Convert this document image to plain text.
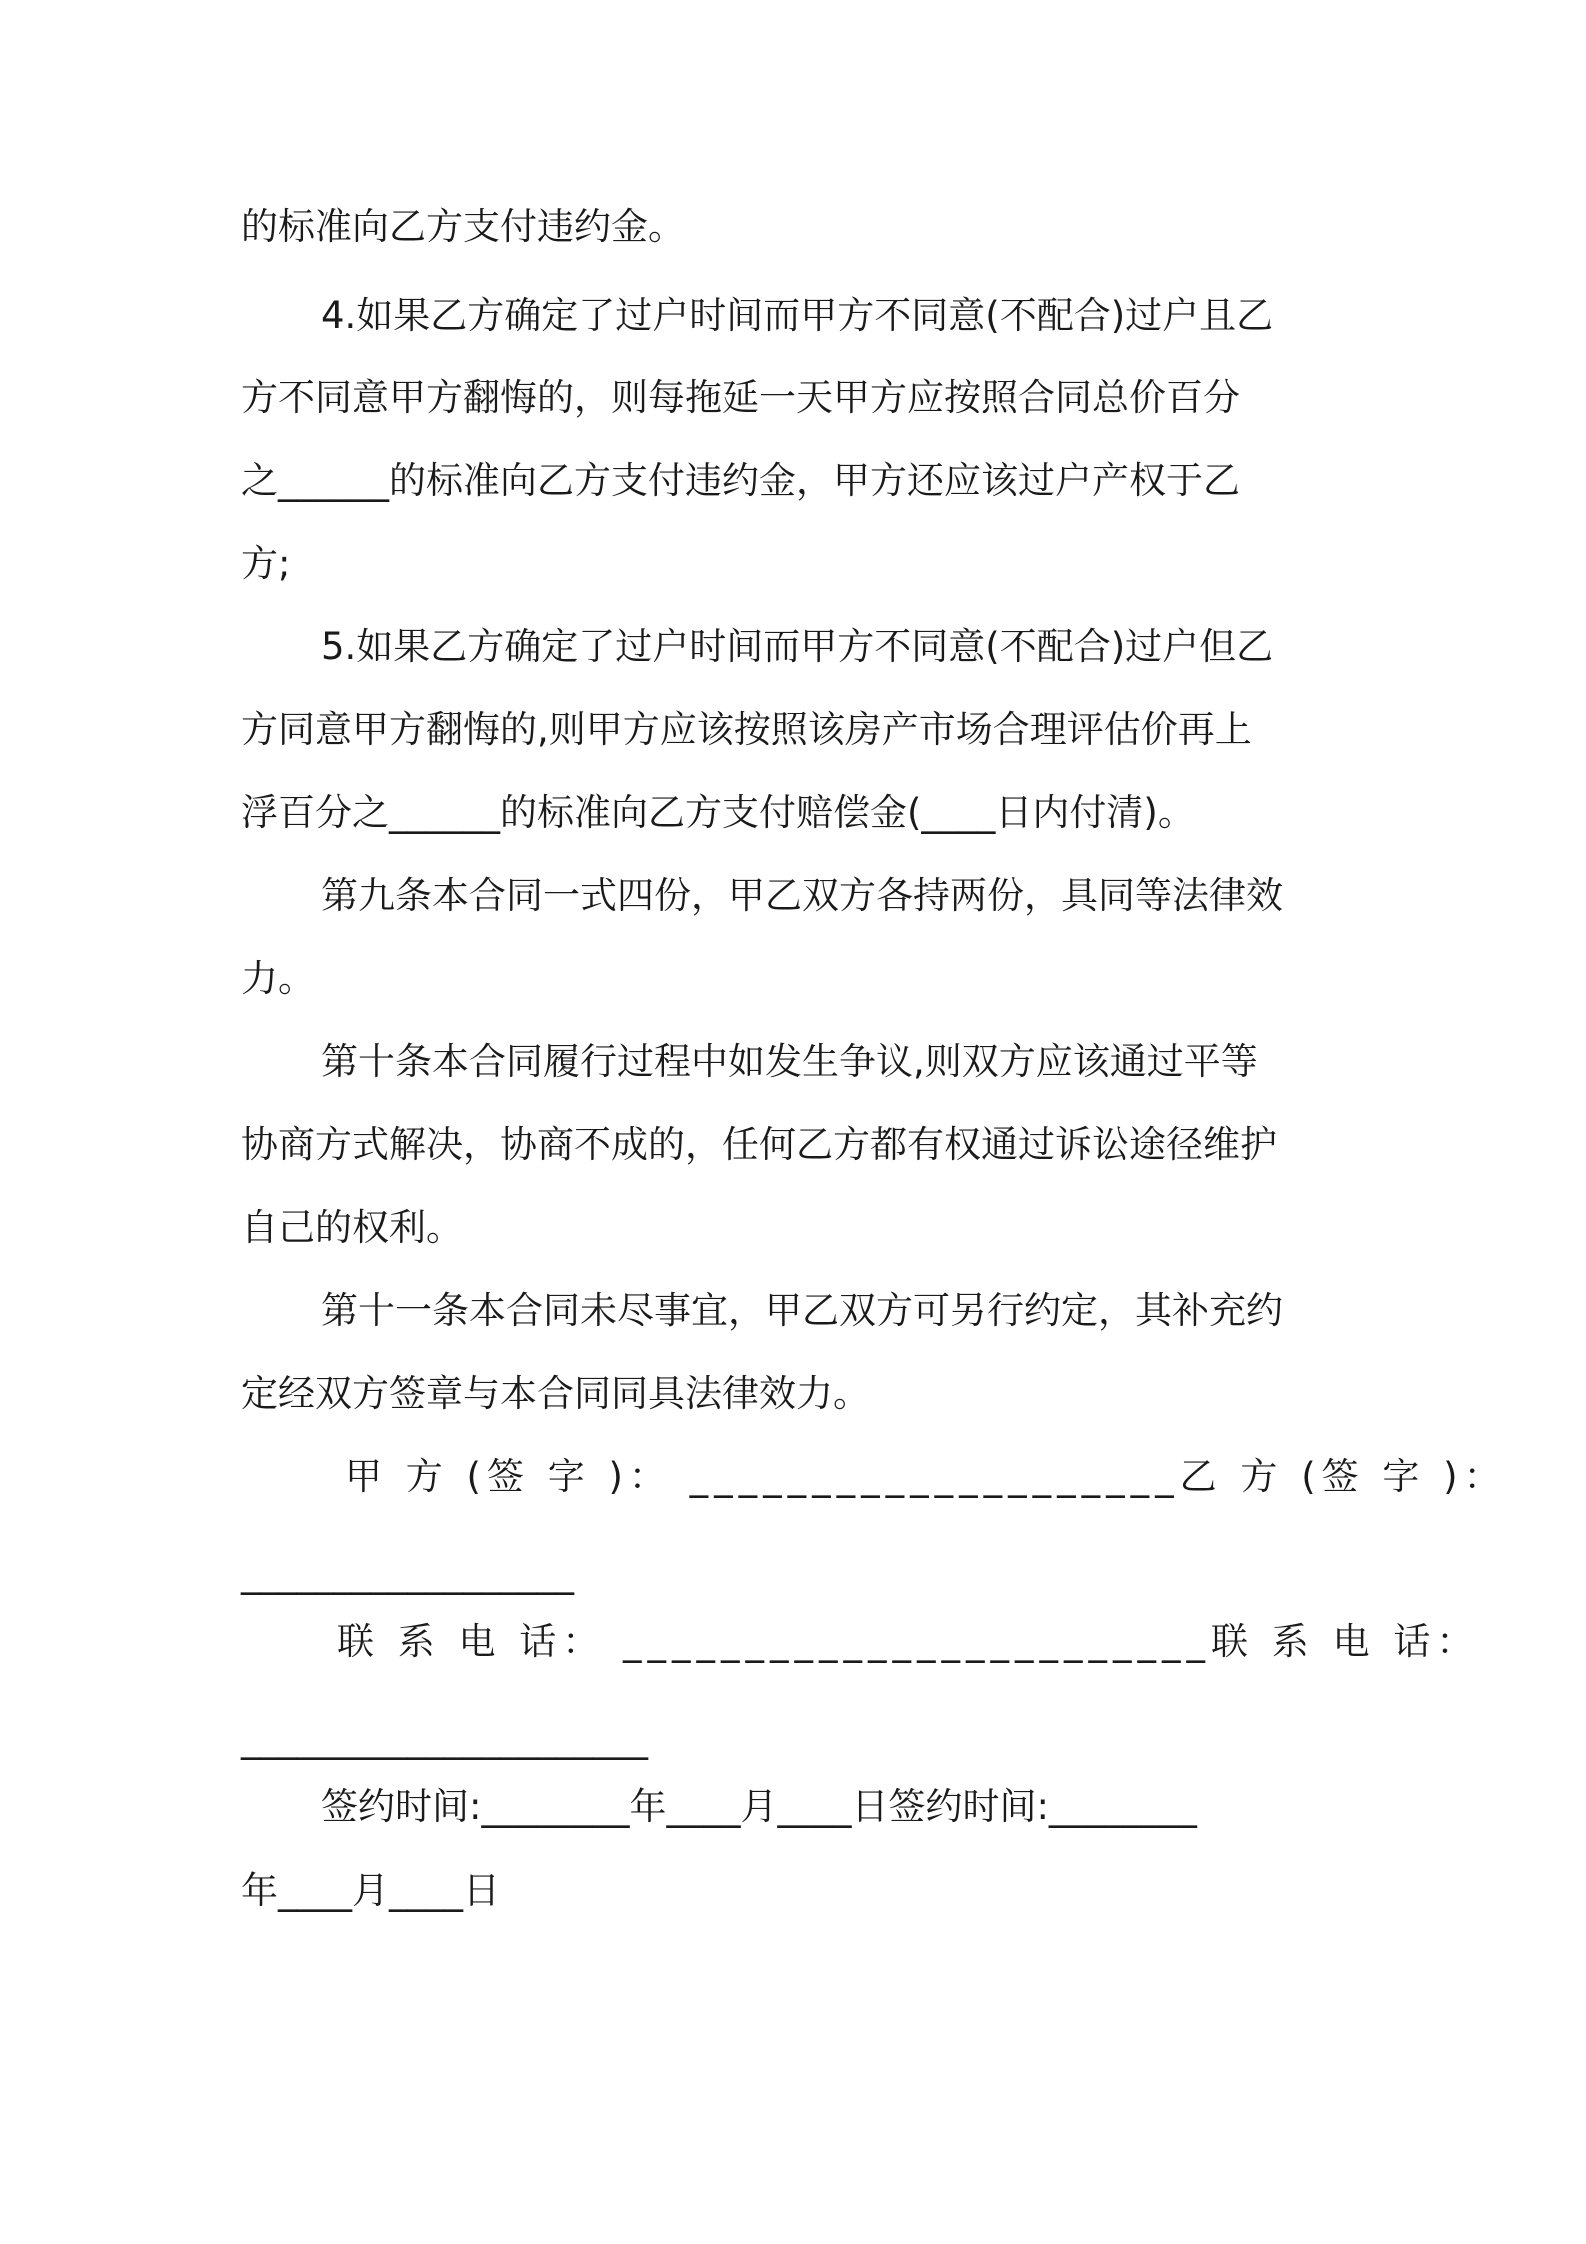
的标准向乙方支付违约金。
4.如果乙方确定了过户时间而甲方不同意(不配合)过户且乙
方不同意甲方翻悔的，则每拖延一天甲方应按照合同总价百分
之______的标准向乙方支付违约金，甲方还应该过户产权于乙
方;
5.如果乙方确定了过户时间而甲方不同意(不配合)过户但乙
方同意甲方翻悔的,则甲方应该按照该房产市场合理评估价再上
浮百分之______的标准向乙方支付赔偿金(____日内付清)。
第九条本合同一式四份，甲乙双方各持两份，具同等法律效
力。
第十条本合同履行过程中如发生争议,则双方应该通过平等
协商方式解决，协商不成的，任何乙方都有权通过诉讼途径维护
自己的权利。
第十一条本合同未尽事宜，甲乙双方可另行约定，其补充约
定经双方签章与本合同同具法律效力。
甲 方 (签 字 )： ____________________乙 方 (签 字 )：
__________________
联 系 电 话： ________________________联 系 电 话：
______________________
签约时间:________年____月____日签约时间:________
年____月____日
